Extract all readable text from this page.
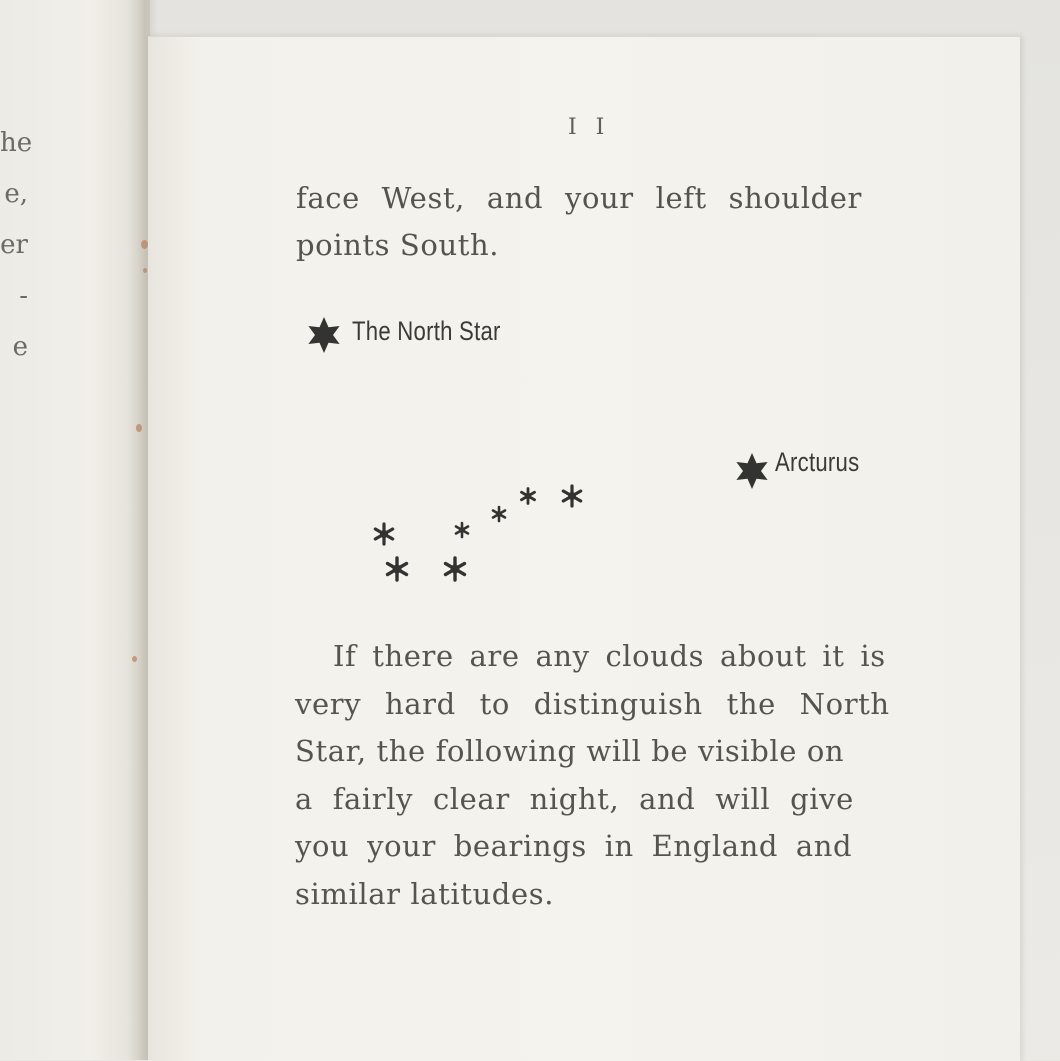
he
e,
er
-
e
I I

face West, and your left shoulder
points South.

The North Star
Arcturus

If there are any clouds about it is
very hard to distinguish the North
Star, the following will be visible on
a fairly clear night, and will give
you your bearings in England and
similar latitudes.
